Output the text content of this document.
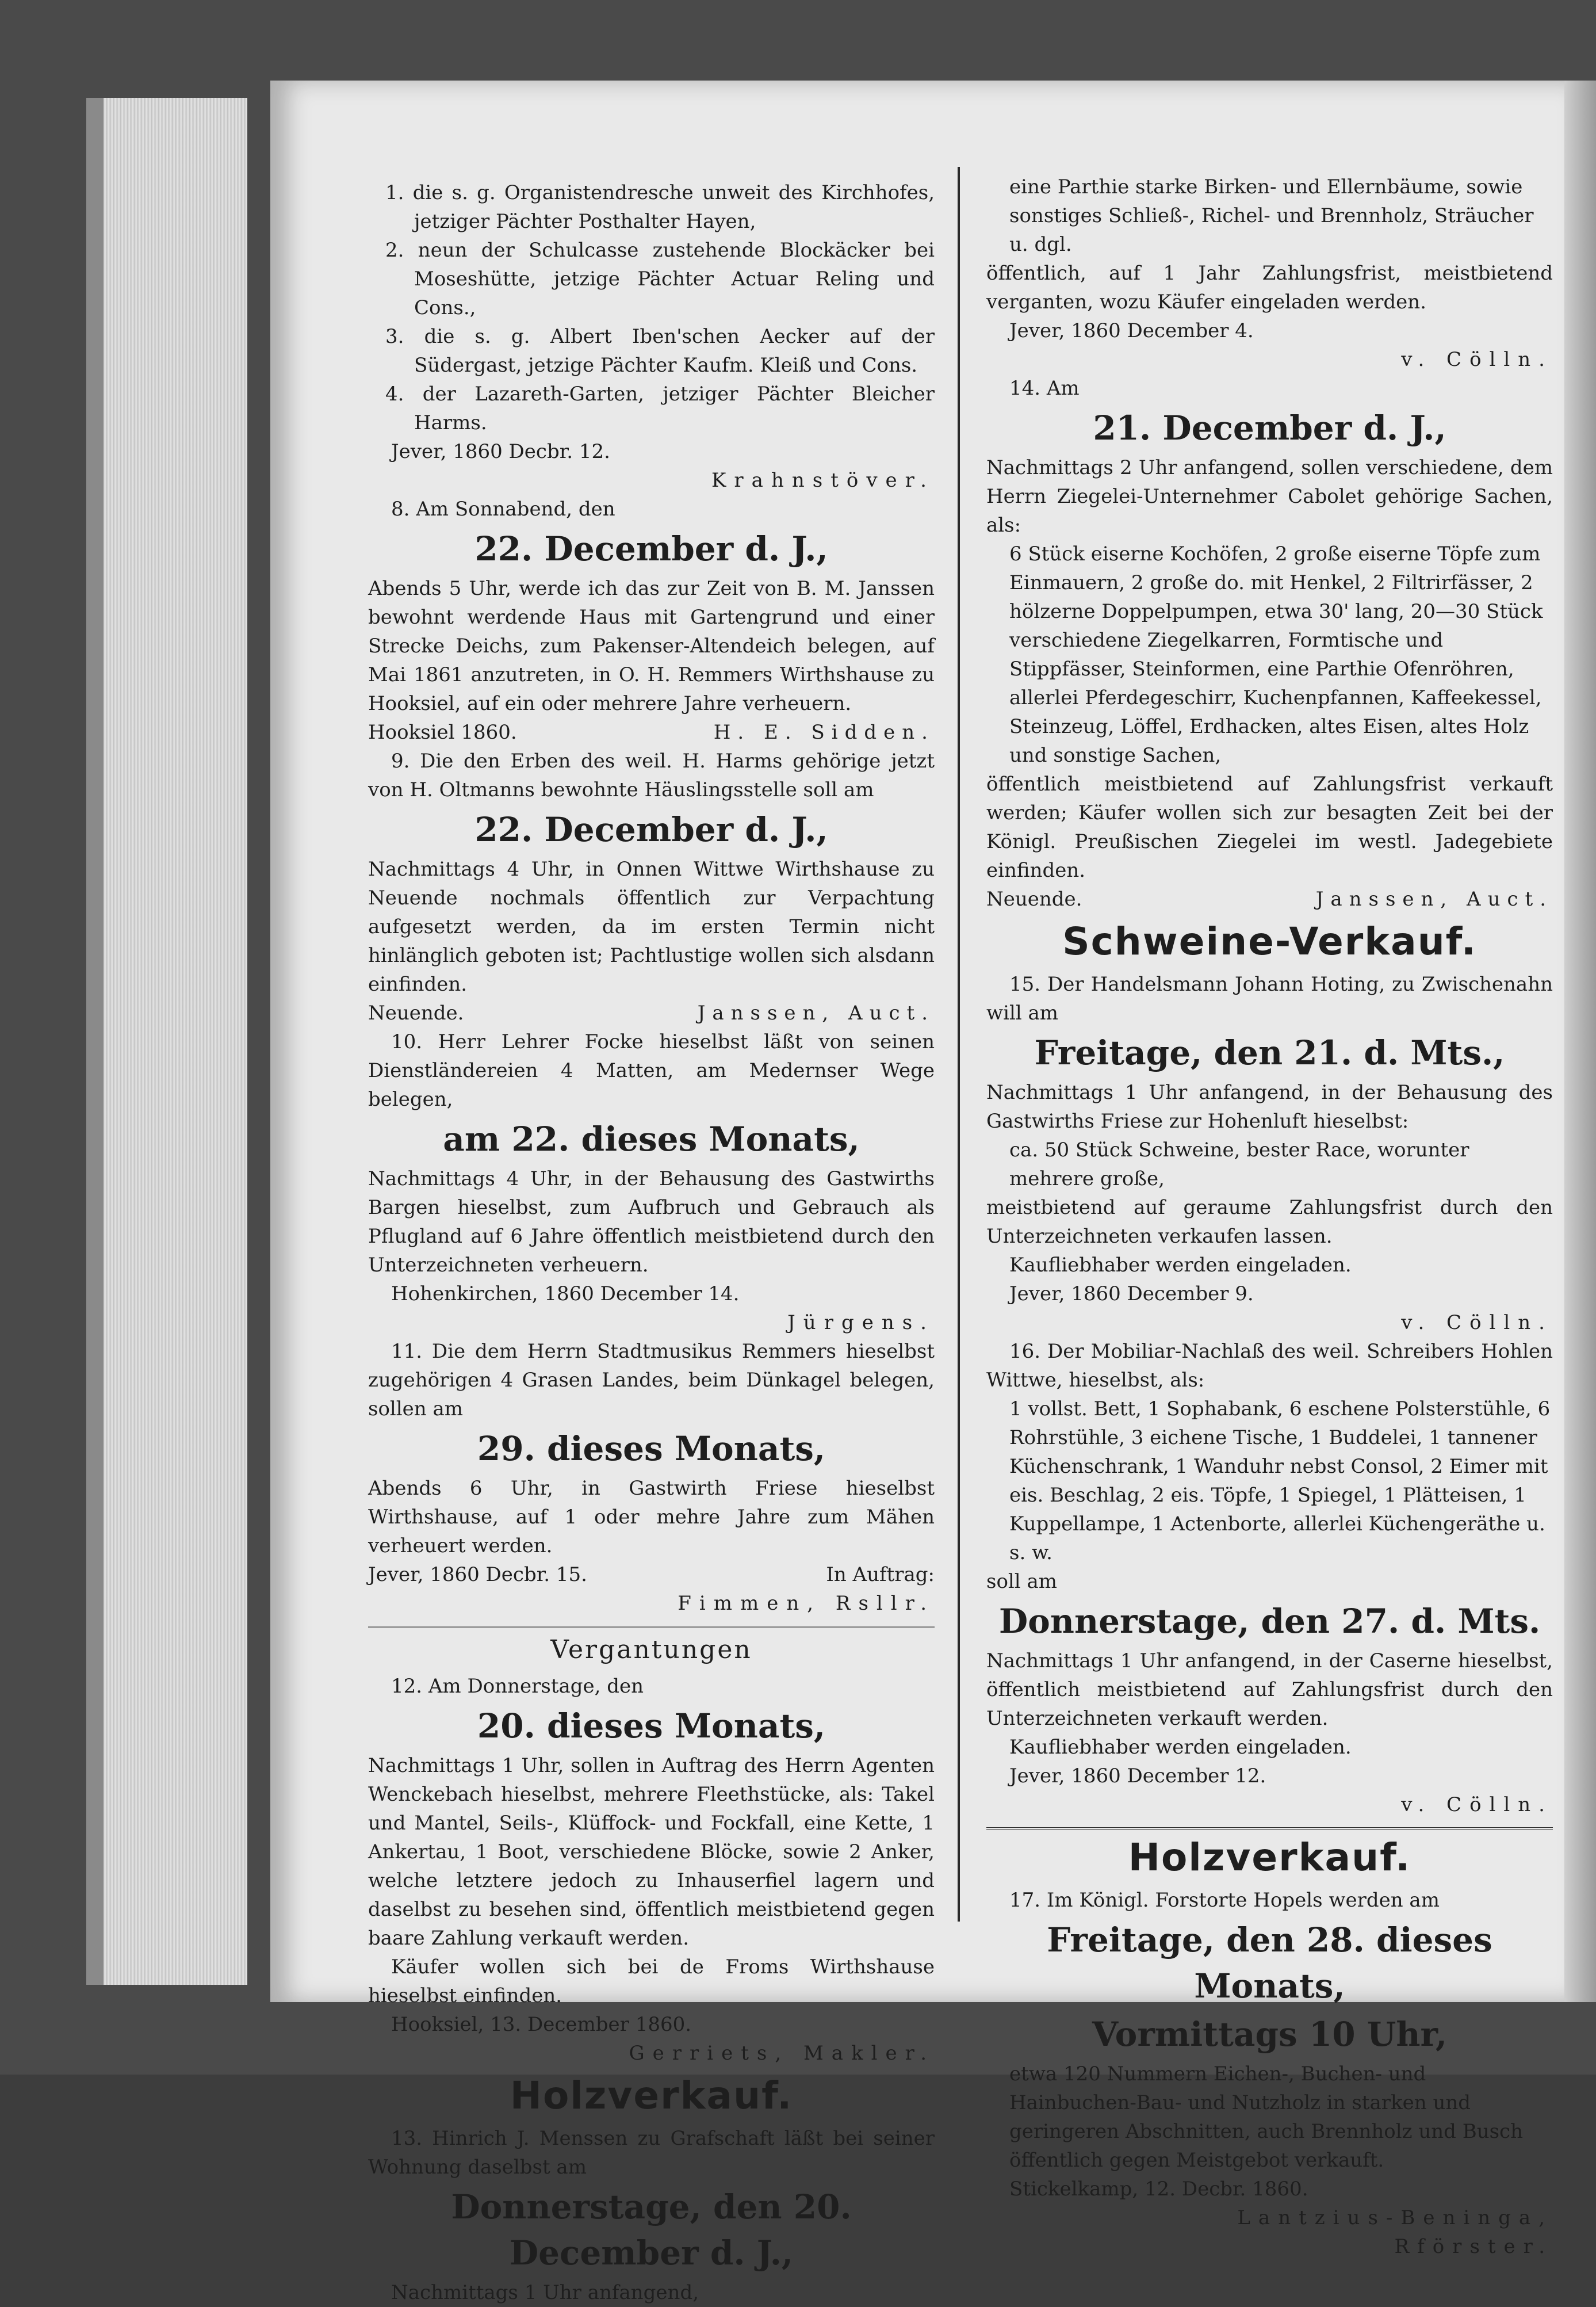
1. die s. g. Organistendresche unweit des Kirchhofes, jetziger Pächter Posthalter Hayen,

2. neun der Schulcasse zustehende Blockäcker bei Moseshütte, jetzige Pächter Actuar Reling und Cons.,

3. die s. g. Albert Iben'schen Aecker auf der Südergast, jetzige Pächter Kaufm. Kleiß und Cons.

4. der Lazareth-Garten, jetziger Pächter Bleicher Harms.

Jever, 1860 Decbr. 12.

Krahnstöver.

8. Am Sonnabend, den

22. December d. J.,

Abends 5 Uhr, werde ich das zur Zeit von B. M. Janssen bewohnt werdende Haus mit Gartengrund und einer Strecke Deichs, zum Pakenser-Altendeich belegen, auf Mai 1861 anzutreten, in O. H. Remmers Wirthshause zu Hooksiel, auf ein oder mehrere Jahre verheuern.

Hooksiel 1860.	H. E. Sidden.

9. Die den Erben des weil. H. Harms gehörige jetzt von H. Oltmanns bewohnte Häuslingsstelle soll am

22. December d. J.,

Nachmittags 4 Uhr, in Onnen Wittwe Wirthshause zu Neuende nochmals öffentlich zur Verpachtung aufgesetzt werden, da im ersten Termin nicht hinlänglich geboten ist; Pachtlustige wollen sich alsdann einfinden.

Neuende.	Janssen, Auct.

10. Herr Lehrer Focke hieselbst läßt von seinen Dienstländereien 4 Matten, am Medernser Wege belegen,

am 22. dieses Monats,

Nachmittags 4 Uhr, in der Behausung des Gastwirths Bargen hieselbst, zum Aufbruch und Gebrauch als Pflugland auf 6 Jahre öffentlich meistbietend durch den Unterzeichneten verheuern.

Hohenkirchen, 1860 December 14.

Jürgens.

11. Die dem Herrn Stadtmusikus Remmers hieselbst zugehörigen 4 Grasen Landes, beim Dünkagel belegen, sollen am

29. dieses Monats,

Abends 6 Uhr, in Gastwirth Friese hieselbst Wirthshause, auf 1 oder mehre Jahre zum Mähen verheuert werden.

Jever, 1860 Decbr. 15.	In Auftrag:

Fimmen, Rsllr.

Vergantungen

12. Am Donnerstage, den

20. dieses Monats,

Nachmittags 1 Uhr, sollen in Auftrag des Herrn Agenten Wenckebach hieselbst, mehrere Fleethstücke, als: Takel und Mantel, Seils-, Klüffock- und Fockfall, eine Kette, 1 Ankertau, 1 Boot, verschiedene Blöcke, sowie 2 Anker, welche letztere jedoch zu Inhauserfiel lagern und daselbst zu besehen sind, öffentlich meistbietend gegen baare Zahlung verkauft werden.

Käufer wollen sich bei de Froms Wirthshause hieselbst einfinden.

Hooksiel, 13. December 1860.

Gerriets, Makler.

Holzverkauf.

13. Hinrich J. Menssen zu Grafschaft läßt bei seiner Wohnung daselbst am

Donnerstage, den 20. December d. J.,

Nachmittags 1 Uhr anfangend,

eine Parthie starke Birken- und Ellernbäume, sowie sonstiges Schließ-, Richel- und Brennholz, Sträucher u. dgl.

öffentlich, auf 1 Jahr Zahlungsfrist, meistbietend verganten, wozu Käufer eingeladen werden.

Jever, 1860 December 4.

v. Cölln.

14. Am

21. December d. J.,

Nachmittags 2 Uhr anfangend, sollen verschiedene, dem Herrn Ziegelei-Unternehmer Cabolet gehörige Sachen, als:

6 Stück eiserne Kochöfen, 2 große eiserne Töpfe zum Einmauern, 2 große do. mit Henkel, 2 Filtrirfässer, 2 hölzerne Doppelpumpen, etwa 30' lang, 20—30 Stück verschiedene Ziegelkarren, Formtische und Stippfässer, Steinformen, eine Parthie Ofenröhren, allerlei Pferdegeschirr, Kuchenpfannen, Kaffeekessel, Steinzeug, Löffel, Erdhacken, altes Eisen, altes Holz und sonstige Sachen,

öffentlich meistbietend auf Zahlungsfrist verkauft werden; Käufer wollen sich zur besagten Zeit bei der Königl. Preußischen Ziegelei im westl. Jadegebiete einfinden.

Neuende.	Janssen, Auct.

Schweine-Verkauf.

15. Der Handelsmann Johann Hoting, zu Zwischenahn will am

Freitage, den 21. d. Mts.,

Nachmittags 1 Uhr anfangend, in der Behausung des Gastwirths Friese zur Hohenluft hieselbst:

ca. 50 Stück Schweine, bester Race, worunter mehrere große,

meistbietend auf geraume Zahlungsfrist durch den Unterzeichneten verkaufen lassen.

Kaufliebhaber werden eingeladen.

Jever, 1860 December 9.

v. Cölln.

16. Der Mobiliar-Nachlaß des weil. Schreibers Hohlen Wittwe, hieselbst, als:

1 vollst. Bett, 1 Sophabank, 6 eschene Polsterstühle, 6 Rohrstühle, 3 eichene Tische, 1 Buddelei, 1 tannener Küchenschrank, 1 Wanduhr nebst Consol, 2 Eimer mit eis. Beschlag, 2 eis. Töpfe, 1 Spiegel, 1 Plätteisen, 1 Kuppellampe, 1 Actenborte, allerlei Küchengeräthe u. s. w.

soll am

Donnerstage, den 27. d. Mts.

Nachmittags 1 Uhr anfangend, in der Caserne hieselbst, öffentlich meistbietend auf Zahlungsfrist durch den Unterzeichneten verkauft werden.

Kaufliebhaber werden eingeladen.

Jever, 1860 December 12.

v. Cölln.

Holzverkauf.

17. Im Königl. Forstorte Hopels werden am

Freitage, den 28. dieses Monats,

Vormittags 10 Uhr,

etwa 120 Nummern Eichen-, Buchen- und Hainbuchen-Bau- und Nutzholz in starken und geringeren Abschnitten, auch Brennholz und Busch öffentlich gegen Meistgebot verkauft.

Stickelkamp, 12. Decbr. 1860.

Lantzius-Beninga,

Rförster.
